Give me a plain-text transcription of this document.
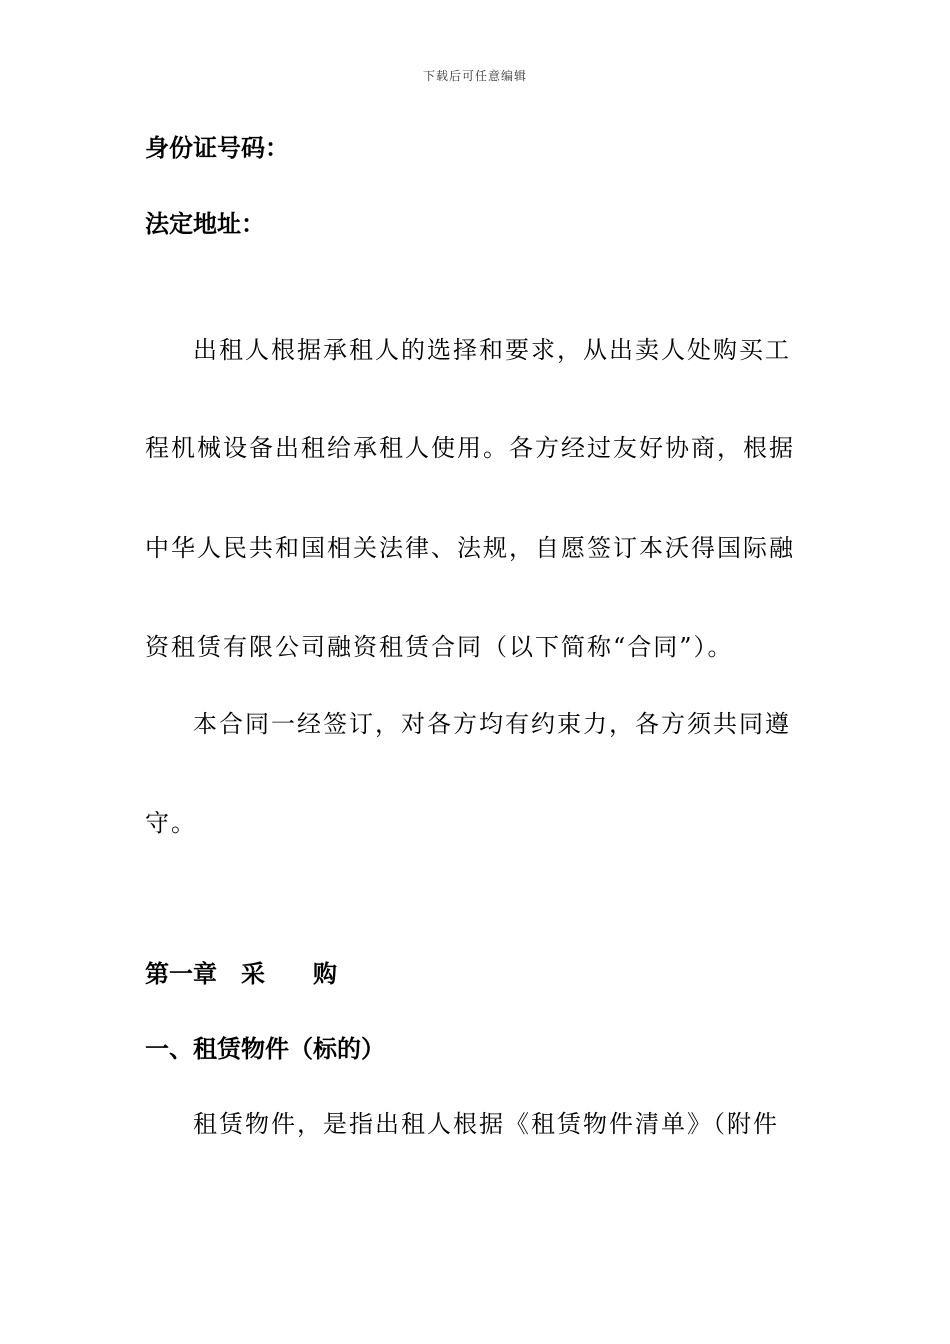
下载后可任意编辑
身份证号码：
法定地址：
出租人根据承租人的选择和要求，从出卖人处购买工
程机械设备出租给承租人使用。各方经过友好协商，根据
中华人民共和国相关法律、法规，自愿签订本沃得国际融
资租赁有限公司融资租赁合同（以下简称“合同”）。
本合同一经签订，对各方均有约束力，各方须共同遵
守。
第一章　采　　购
一、租赁物件（标的）
租赁物件，是指出租人根据《租赁物件清单》（附件
